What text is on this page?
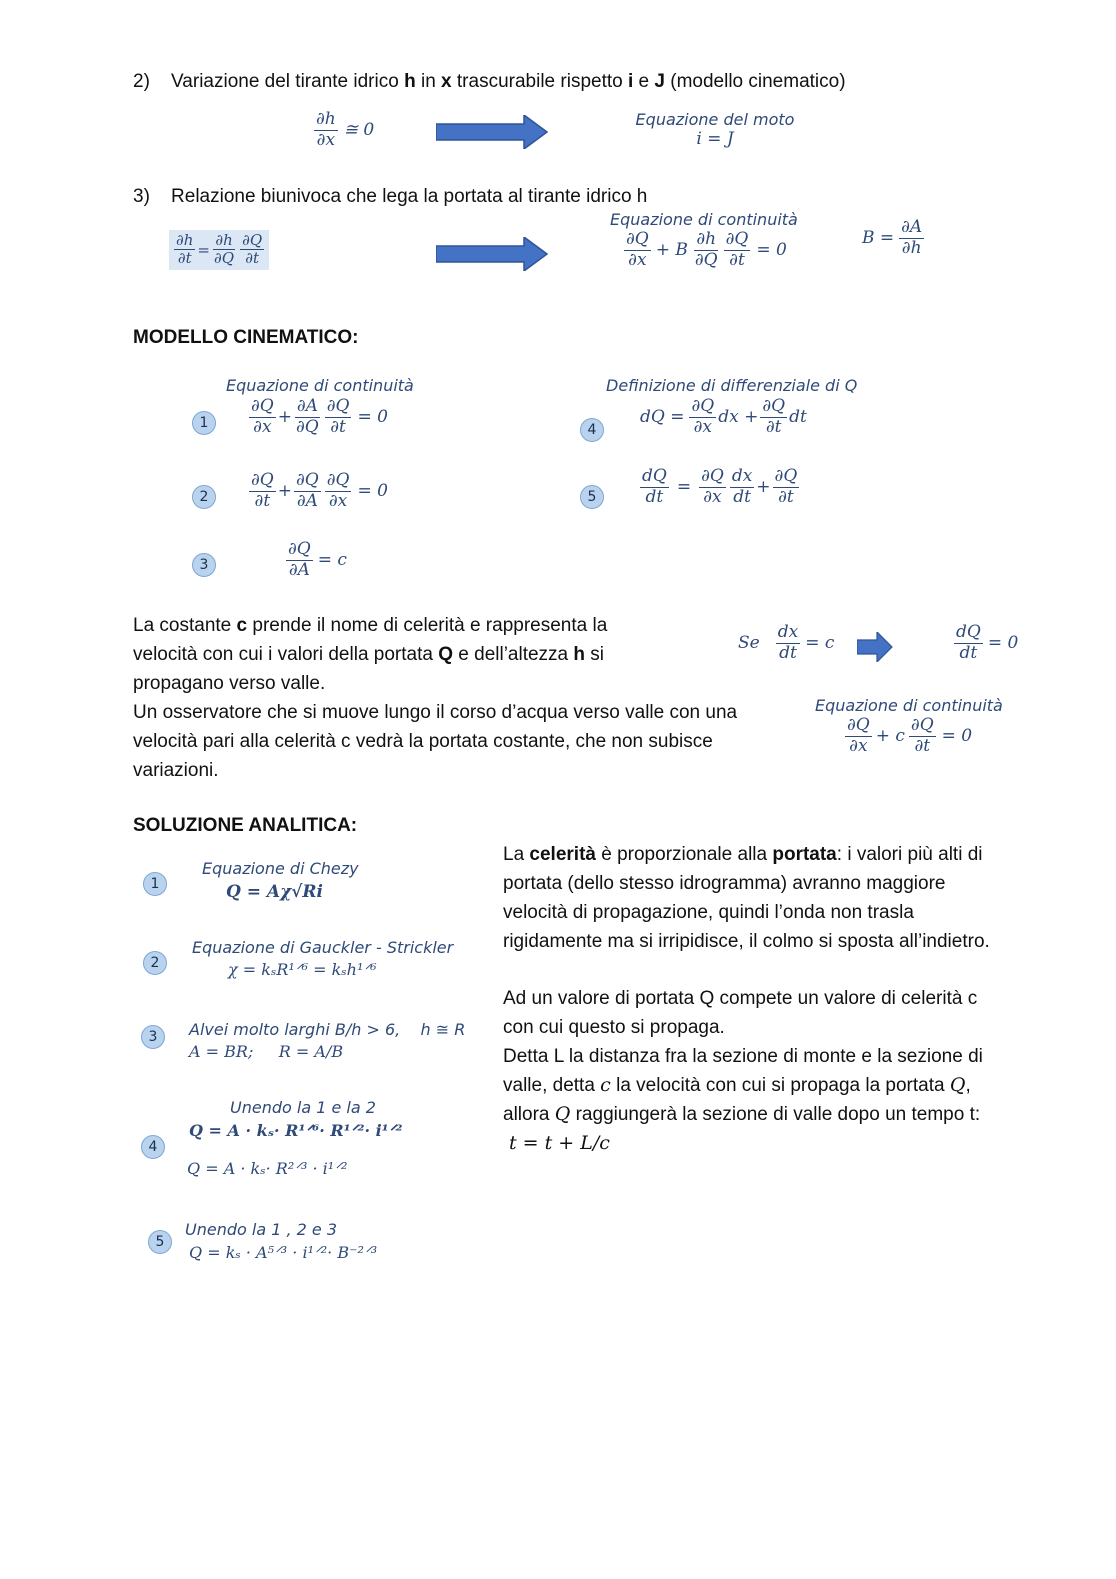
2) Variazione del tirante idrico h in x trascurabile rispetto i e J (modello cinematico)
$\frac{\partial h}{\partial x}$ ≅ 0
Equazione del moto
i = J
3) Relazione biunivoca che lega la portata al tirante idrico h
$\frac{\partial h}{\partial t} = \frac{\partial h}{\partial Q} \frac{\partial Q}{\partial t}$
Equazione di continuità
$\frac{\partial Q}{\partial x} + B \frac{\partial h}{\partial Q} \frac{\partial Q}{\partial t} = 0$
$B = \frac{\partial A}{\partial h}$
MODELLO CINEMATICO:
Equazione di continuità	Definizione di differenziale di Q
1	$\frac{\partial Q}{\partial x} + \frac{\partial A}{\partial Q} \frac{\partial Q}{\partial t} = 0$
2	$\frac{\partial Q}{\partial t} + \frac{\partial Q}{\partial A} \frac{\partial Q}{\partial x} = 0$
3	$\frac{\partial Q}{\partial A} = c$
4
dQ = $\frac{\partial Q}{\partial x}$ dx + $\frac{\partial Q}{\partial t}$ dt
5	$\frac{dQ}{dt} = \frac{\partial Q}{\partial x} \frac{dx}{dt} + \frac{\partial Q}{\partial t}$
La costante c prende il nome di celerità e rappresenta la
velocità con cui i valori della portata Q e dell’altezza h si
propagano verso valle.
Un osservatore che si muove lungo il corso d’acqua verso valle con una
velocità pari alla celerità c vedrà la portata costante, che non subisce
variazioni.
Se $\frac{dx}{dt} = c$	$\frac{dQ}{dt} = 0$
Equazione di continuità
$\frac{\partial Q}{\partial x} + c \frac{\partial Q}{\partial t} = 0$
SOLUZIONE ANALITICA:
1
Equazione di Chezy
Q = Aχ√Ri
2
Equazione di Gauckler - Strickler
χ = kₛR¹ᐟ⁶ = kₛh¹ᐟ⁶
3	Alvei molto larghi B/h > 6,    h ≅ R
A = BR;     R = A/B
4
Unendo la 1 e la 2
Q = A · kₛ· R¹ᐟ⁶· R¹ᐟ²· i¹ᐟ²
Q = A · kₛ· R²ᐟ³ · i¹ᐟ²
5
Unendo la 1 , 2 e 3
Q = kₛ · A⁵ᐟ³ · i¹ᐟ²· B⁻²ᐟ³
La celerità è proporzionale alla portata: i valori più alti di
portata (dello stesso idrogramma) avranno maggiore
velocità di propagazione, quindi l’onda non trasla
rigidamente ma si irripidisce, il colmo si sposta all’indietro.
Ad un valore di portata Q compete un valore di celerità c
con cui questo si propaga.
Detta L la distanza fra la sezione di monte e la sezione di
valle, detta c la velocità con cui si propaga la portata Q,
allora Q raggiungerà la sezione di valle dopo un tempo t:
t = t + L/c
